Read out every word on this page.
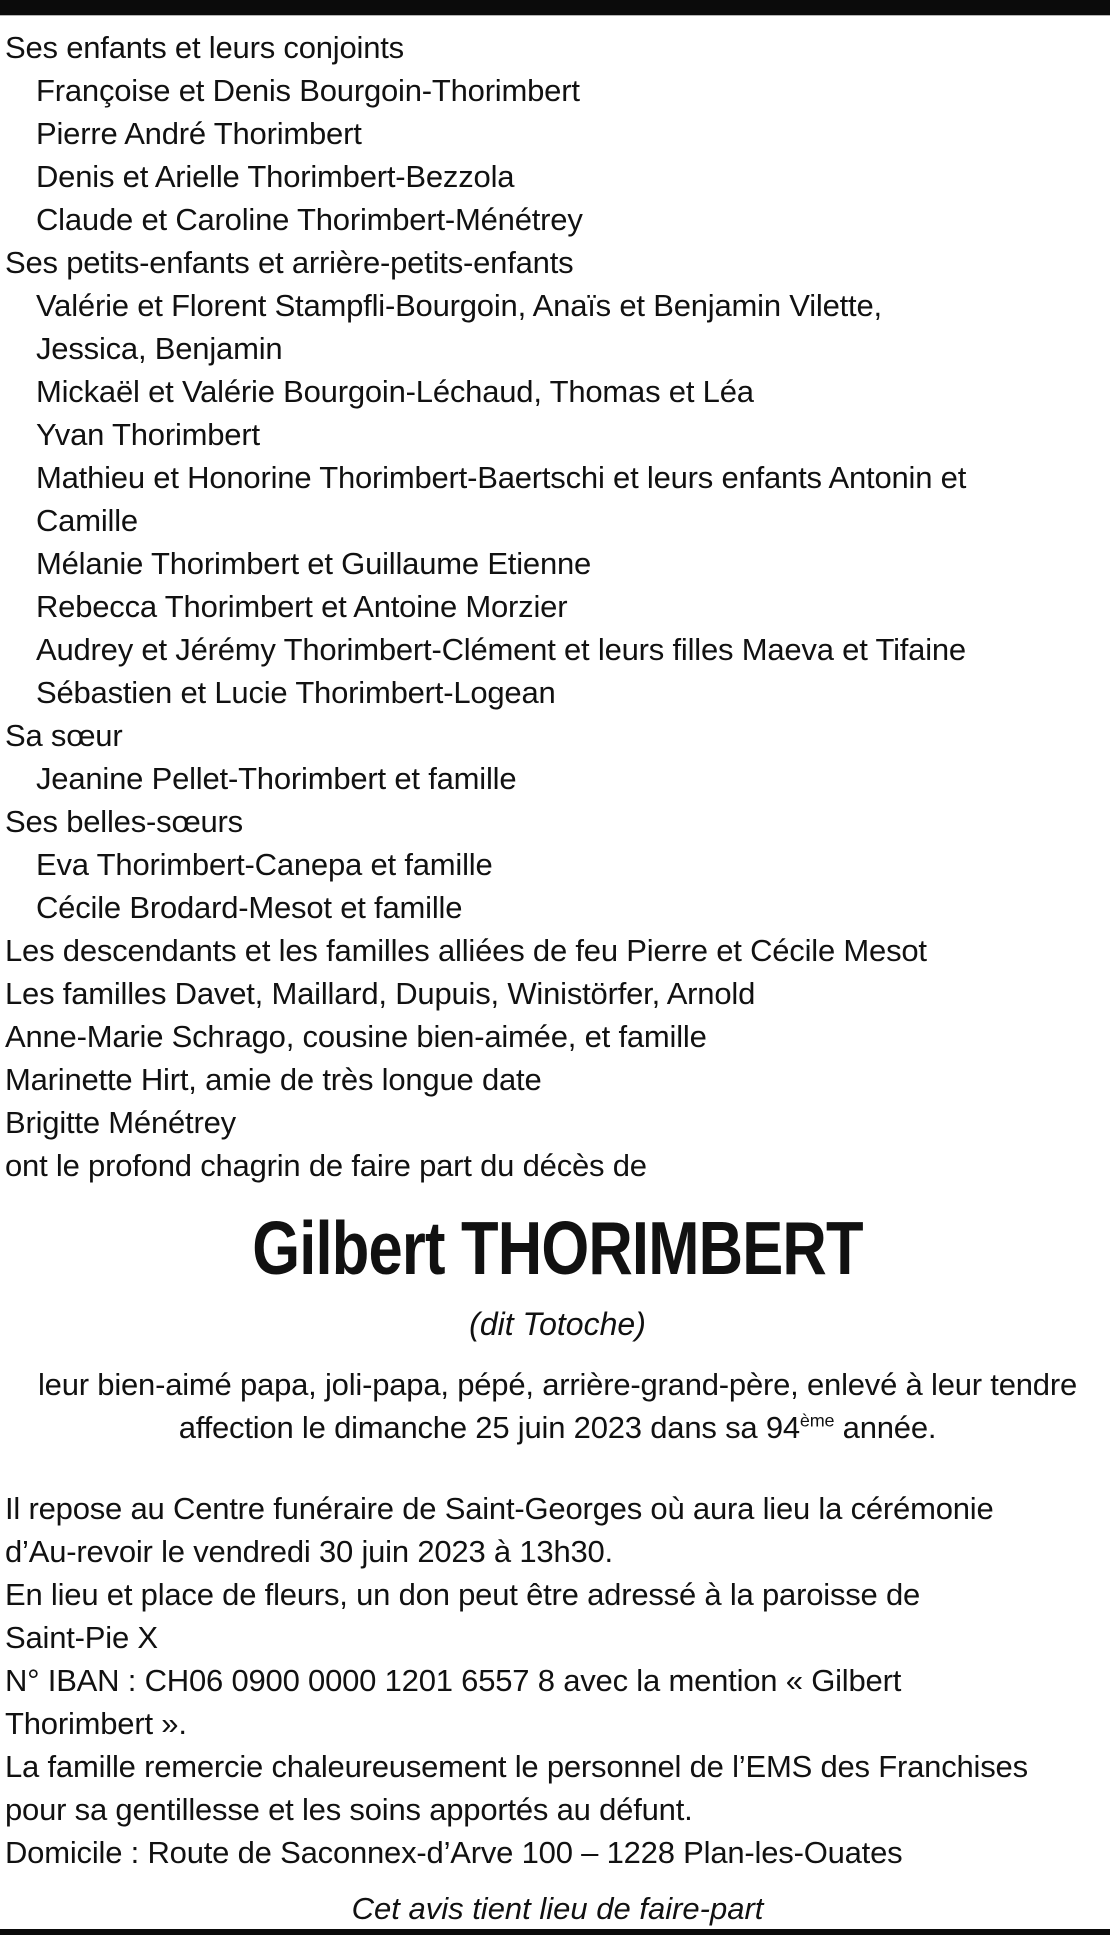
Ses enfants et leurs conjoints
Françoise et Denis Bourgoin-Thorimbert
Pierre André Thorimbert
Denis et Arielle Thorimbert-Bezzola
Claude et Caroline Thorimbert-Ménétrey
Ses petits-enfants et arrière-petits-enfants
Valérie et Florent Stampfli-Bourgoin, Anaïs et Benjamin Vilette,
Jessica, Benjamin
Mickaël et Valérie Bourgoin-Léchaud, Thomas et Léa
Yvan Thorimbert
Mathieu et Honorine Thorimbert-Baertschi et leurs enfants Antonin et
Camille
Mélanie Thorimbert et Guillaume Etienne
Rebecca Thorimbert et Antoine Morzier
Audrey et Jérémy Thorimbert-Clément et leurs filles Maeva et Tifaine
Sébastien et Lucie Thorimbert-Logean
Sa sœur
Jeanine Pellet-Thorimbert et famille
Ses belles-sœurs
Eva Thorimbert-Canepa et famille
Cécile Brodard-Mesot et famille
Les descendants et les familles alliées de feu Pierre et Cécile Mesot
Les familles Davet, Maillard, Dupuis, Winistörfer, Arnold
Anne-Marie Schrago, cousine bien-aimée, et famille
Marinette Hirt, amie de très longue date
Brigitte Ménétrey
ont le profond chagrin de faire part du décès de
Gilbert THORIMBERT
(dit Totoche)
leur bien-aimé papa, joli-papa, pépé, arrière-grand-père, enlevé à leur tendre
affection le dimanche 25 juin 2023 dans sa 94ème année.
Il repose au Centre funéraire de Saint-Georges où aura lieu la cérémonie
d’Au-revoir le vendredi 30 juin 2023 à 13h30.
En lieu et place de fleurs, un don peut être adressé à la paroisse de
Saint-Pie X
N° IBAN : CH06 0900 0000 1201 6557 8 avec la mention « Gilbert
Thorimbert ».
La famille remercie chaleureusement le personnel de l’EMS des Franchises
pour sa gentillesse et les soins apportés au défunt.
Domicile : Route de Saconnex-d’Arve 100 – 1228 Plan-les-Ouates
Cet avis tient lieu de faire-part
